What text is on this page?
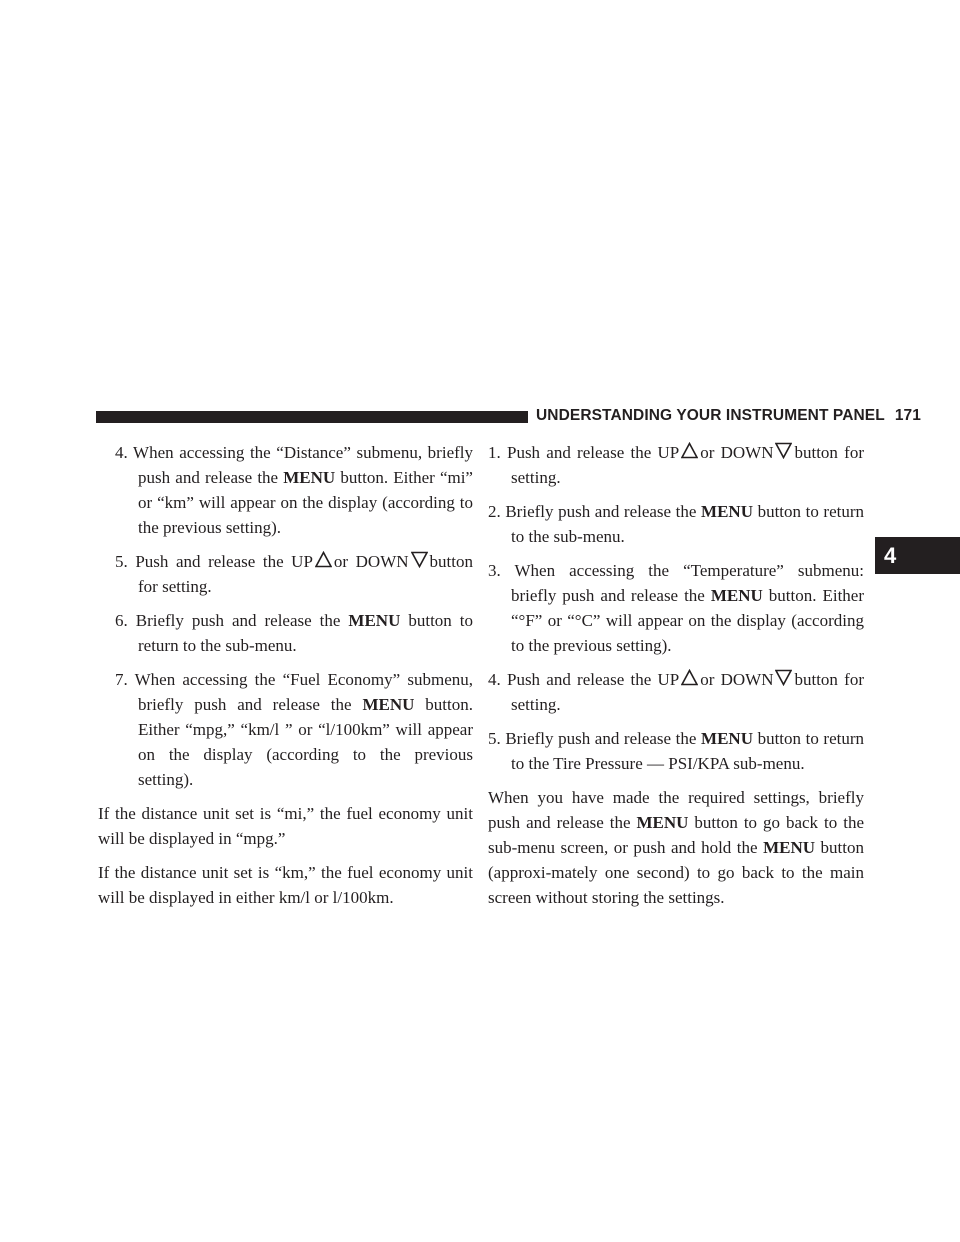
UNDERSTANDING YOUR INSTRUMENT PANEL 171
4

4. When accessing the “Distance” submenu, briefly push and release the MENU button. Either “mi” or “km” will appear on the display (according to the previous setting).

5. Push and release the UP or DOWN button for setting.

6. Briefly push and release the MENU button to return to the sub-menu.

7. When accessing the “Fuel Economy” submenu, briefly push and release the MENU button. Either “mpg,” “km/l ” or “l/100km” will appear on the display (according to the previous setting).

If the distance unit set is “mi,” the fuel economy unit will be displayed in “mpg.”

If the distance unit set is “km,” the fuel economy unit will be displayed in either km/l or l/100km.

1. Push and release the UP or DOWN button for setting.

2. Briefly push and release the MENU button to return to the sub-menu.

3. When accessing the “Temperature” submenu: briefly push and release the MENU button. Either “°F” or “°C” will appear on the display (according to the previous setting).

4. Push and release the UP or DOWN button for setting.

5. Briefly push and release the MENU button to return to the Tire Pressure — PSI/KPA sub-menu.

When you have made the required settings, briefly push and release the MENU button to go back to the sub-menu screen, or push and hold the MENU button (approxi-mately one second) to go back to the main screen without storing the settings.
